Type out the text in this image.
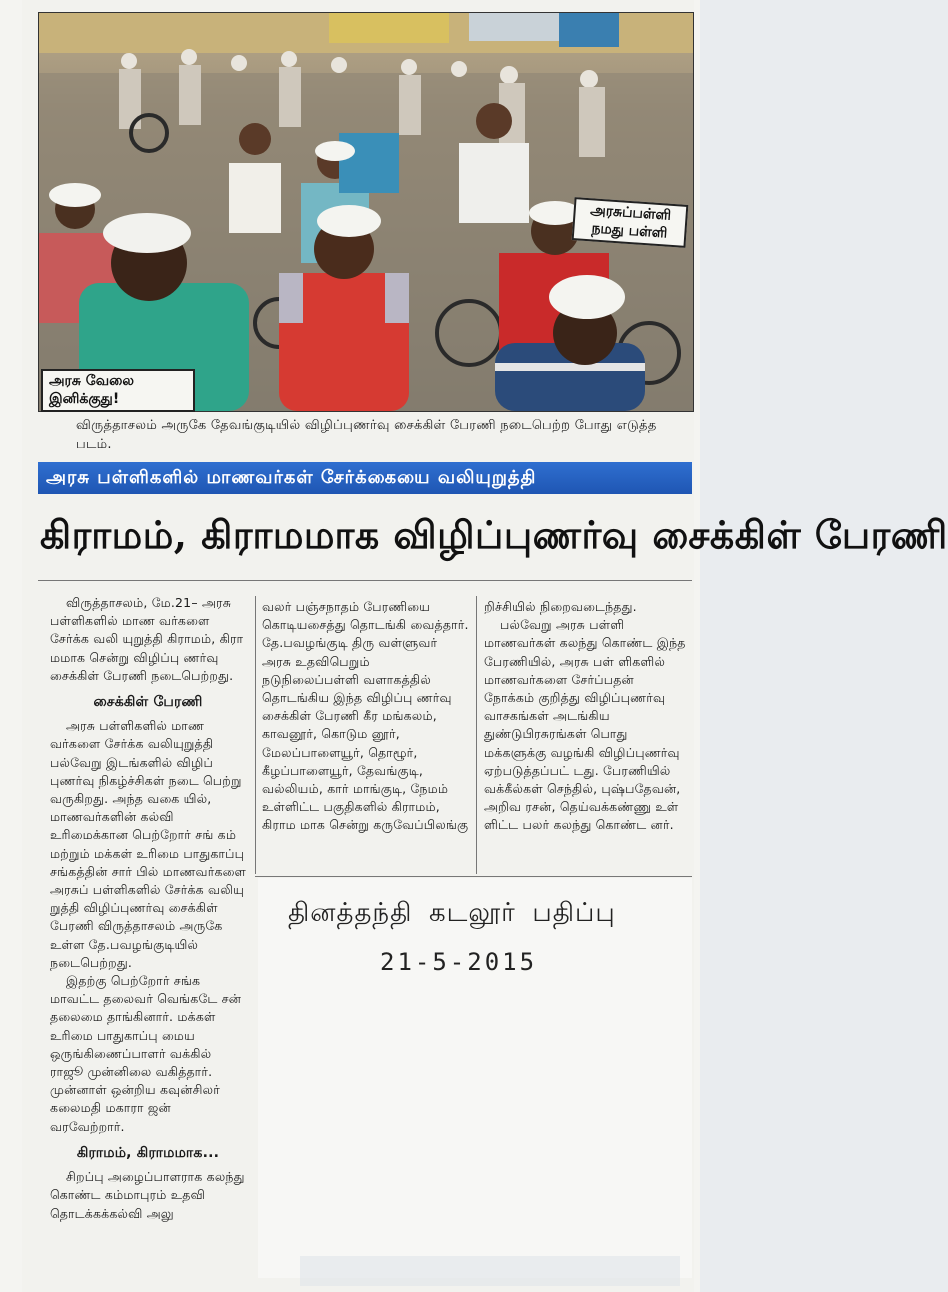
அரசு வேலை இனிக்குது!
அரசுப்பள்ளி
நமது பள்ளி
விருத்தாசலம் அருகே தேவங்குடியில் விழிப்புணர்வு சைக்கிள் பேரணி நடைபெற்ற போது எடுத்த படம்.
அரசு பள்ளிகளில் மாணவர்கள் சேர்க்கையை வலியுறுத்தி
கிராமம், கிராமமாக விழிப்புணர்வு சைக்கிள் பேரணி

விருத்தாசலம், மே.21– அரசு பள்ளிகளில் மாண வர்களை சேர்க்க வலி யுறுத்தி கிராமம், கிரா மமாக சென்று விழிப்பு ணர்வு சைக்கிள் பேரணி நடைபெற்றது.

சைக்கிள் பேரணி

அரசு பள்ளிகளில் மாண வர்களை சேர்க்க வலியுறுத்தி பல்வேறு இடங்களில் விழிப் புணர்வு நிகழ்ச்சிகள் நடை பெற்று வருகிறது. அந்த வகை யில், மாணவர்களின் கல்வி உரிமைக்கான பெற்றோர் சங் கம் மற்றும் மக்கள் உரிமை பாதுகாப்பு சங்கத்தின் சார் பில் மாணவர்களை அரசுப் பள்ளிகளில் சேர்க்க வலியு றுத்தி விழிப்புணர்வு சைக்கிள் பேரணி விருத்தாசலம் அருகே உள்ள தே.பவழங்குடியில் நடைபெற்றது.

இதற்கு பெற்றோர் சங்க மாவட்ட தலைவர் வெங்கடே சன் தலைமை தாங்கினார். மக்கள் உரிமை பாதுகாப்பு மைய ஒருங்கிணைப்பாளர் வக்கில் ராஜூ முன்னிலை வகித்தார். முன்னாள் ஒன்றிய கவுன்சிலர் கலைமதி மகாரா ஜன் வரவேற்றார்.

கிராமம், கிராமமாக...

சிறப்பு அழைப்பாளராக கலந்து கொண்ட கம்மாபுரம் உதவி தொடக்கக்கல்வி அலு

வலர் பஞ்சநாதம் பேரணியை கொடியசைத்து தொடங்கி வைத்தார். தே.பவழங்குடி திரு வள்ளுவர் அரசு உதவிபெறும் நடுநிலைப்பள்ளி வளாகத்தில் தொடங்கிய இந்த விழிப்பு ணர்வு சைக்கிள் பேரணி கீர மங்கலம், காவனூர், கொடும னூர், மேலப்பாளையூர், தொழூர், கீழப்பாளையூர், தேவங்குடி, வல்லியம், கார் மாங்குடி, நேமம் உள்ளிட்ட பகுதிகளில் கிராமம், கிராம மாக சென்று கருவேப்பிலங்கு

றிச்சியில் நிறைவடைந்தது.

பல்வேறு அரசு பள்ளி மாணவர்கள் கலந்து கொண்ட இந்த பேரணியில், அரசு பள் ளிகளில் மாணவர்களை சேர்ப்பதன் நோக்கம் குறித்து விழிப்புணர்வு வாசகங்கள் அடங்கிய துண்டுபிரசுரங்கள் பொது மக்களுக்கு வழங்கி விழிப்புணர்வு ஏற்படுத்தப்பட் டது. பேரணியில் வக்கீல்கள் செந்தில், புஷ்பதேவன், அறிவ ரசன், தெய்வக்கண்ணு உள் ளிட்ட பலர் கலந்து கொண்ட னர்.

தினத்தந்தி கடலூர் பதிப்பு
21-5-2015
